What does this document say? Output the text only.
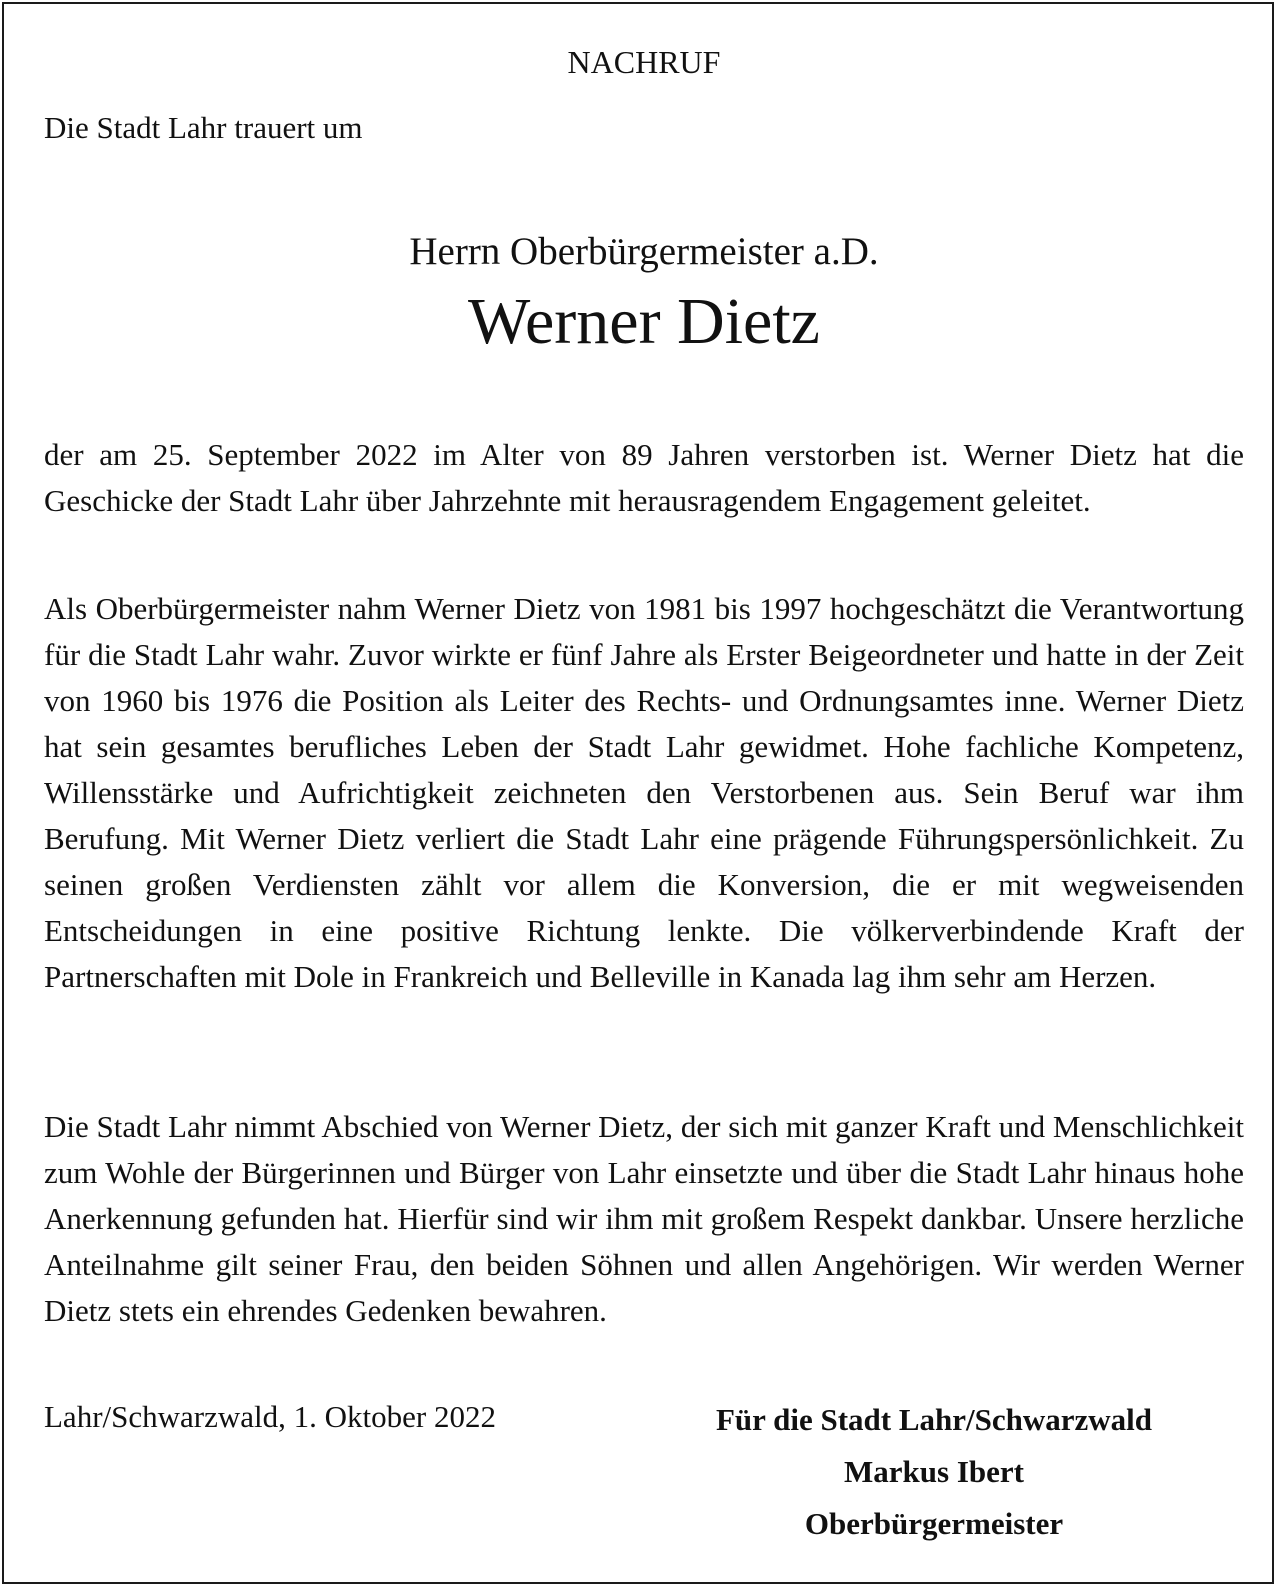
NACHRUF
Die Stadt Lahr trauert um
Herrn Oberbürgermeister a.D.
Werner Dietz

der am 25. September 2022 im Alter von 89 Jahren verstorben ist. Werner Dietz hat die Geschicke der Stadt Lahr über Jahrzehnte mit herausragendem Engagement geleitet.

Als Oberbürgermeister nahm Werner Dietz von 1981 bis 1997 hochgeschätzt die Verantwortung für die Stadt Lahr wahr. Zuvor wirkte er fünf Jahre als Erster Beigeordneter und hatte in der Zeit von 1960 bis 1976 die Position als Leiter des Rechts- und Ordnungsamtes inne. Werner Dietz hat sein gesamtes berufliches Leben der Stadt Lahr gewidmet. Hohe fachliche Kompetenz, Willensstärke und Aufrichtigkeit zeichneten den Verstorbenen aus. Sein Beruf war ihm Berufung. Mit Werner Dietz verliert die Stadt Lahr eine prägende Führungspersönlichkeit. Zu seinen großen Verdiensten zählt vor allem die Konversion, die er mit wegweisenden Entscheidungen in eine positive Richtung lenkte. Die völkerverbindende Kraft der Partnerschaften mit Dole in Frankreich und Belleville in Kanada lag ihm sehr am Herzen.

Die Stadt Lahr nimmt Abschied von Werner Dietz, der sich mit ganzer Kraft und Menschlichkeit zum Wohle der Bürgerinnen und Bürger von Lahr einsetzte und über die Stadt Lahr hinaus hohe Anerkennung gefunden hat. Hierfür sind wir ihm mit großem Respekt dankbar. Unsere herzliche Anteilnahme gilt seiner Frau, den beiden Söhnen und allen Angehörigen. Wir werden Werner Dietz stets ein ehrendes Gedenken bewahren.

Lahr/Schwarzwald, 1. Oktober 2022	Für die Stadt Lahr/Schwarzwald
Markus Ibert
Oberbürgermeister
